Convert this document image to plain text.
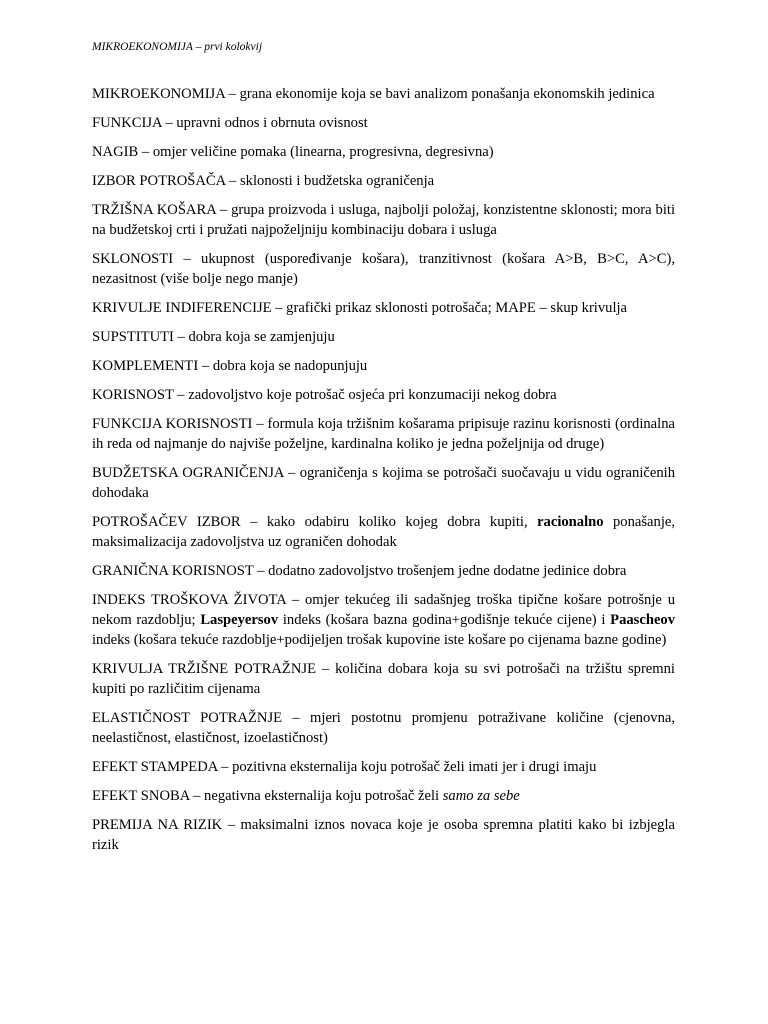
MIKROEKONOMIJA – prvi kolokvij

MIKROEKONOMIJA – grana ekonomije koja se bavi analizom ponašanja ekonomskih jedinica

FUNKCIJA – upravni odnos i obrnuta ovisnost

NAGIB – omjer veličine pomaka (linearna, progresivna, degresivna)

IZBOR POTROŠAČA – sklonosti i budžetska ograničenja

TRŽIŠNA KOŠARA – grupa proizvoda i usluga, najbolji položaj, konzistentne sklonosti; mora biti na budžetskoj crti i pružati najpoželjniju kombinaciju dobara i usluga

SKLONOSTI – ukupnost (uspoređivanje košara), tranzitivnost (košara A>B, B>C, A>C), nezasitnost (više bolje nego manje)

KRIVULJE INDIFERENCIJE – grafički prikaz sklonosti potrošača; MAPE – skup krivulja

SUPSTITUTI – dobra koja se zamjenjuju

KOMPLEMENTI – dobra koja se nadopunjuju

KORISNOST – zadovoljstvo koje potrošač osjeća pri konzumaciji nekog dobra

FUNKCIJA KORISNOSTI – formula koja tržišnim košarama pripisuje razinu korisnosti (ordinalna ih reda od najmanje do najviše poželjne, kardinalna koliko je jedna poželjnija od druge)

BUDŽETSKA OGRANIČENJA – ograničenja s kojima se potrošači suočavaju u vidu ograničenih dohodaka

POTROŠAČEV IZBOR – kako odabiru koliko kojeg dobra kupiti, racionalno ponašanje, maksimalizacija zadovoljstva uz ograničen dohodak

GRANIČNA KORISNOST – dodatno zadovoljstvo trošenjem jedne dodatne jedinice dobra

INDEKS TROŠKOVA ŽIVOTA – omjer tekućeg ili sadašnjeg troška tipične košare potrošnje u nekom razdoblju; Laspeyersov indeks (košara bazna godina+godišnje tekuće cijene) i Paascheov indeks (košara tekuće razdoblje+podijeljen trošak kupovine iste košare po cijenama bazne godine)

KRIVULJA TRŽIŠNE POTRAŽNJE – količina dobara koja su svi potrošači na tržištu spremni kupiti po različitim cijenama

ELASTIČNOST POTRAŽNJE – mjeri postotnu promjenu potraživane količine (cjenovna, neelastičnost, elastičnost, izoelastičnost)

EFEKT STAMPEDA – pozitivna eksternalija koju potrošač želi imati jer i drugi imaju

EFEKT SNOBA – negativna eksternalija koju potrošač želi samo za sebe

PREMIJA NA RIZIK – maksimalni iznos novaca koje je osoba spremna platiti kako bi izbjegla rizik
